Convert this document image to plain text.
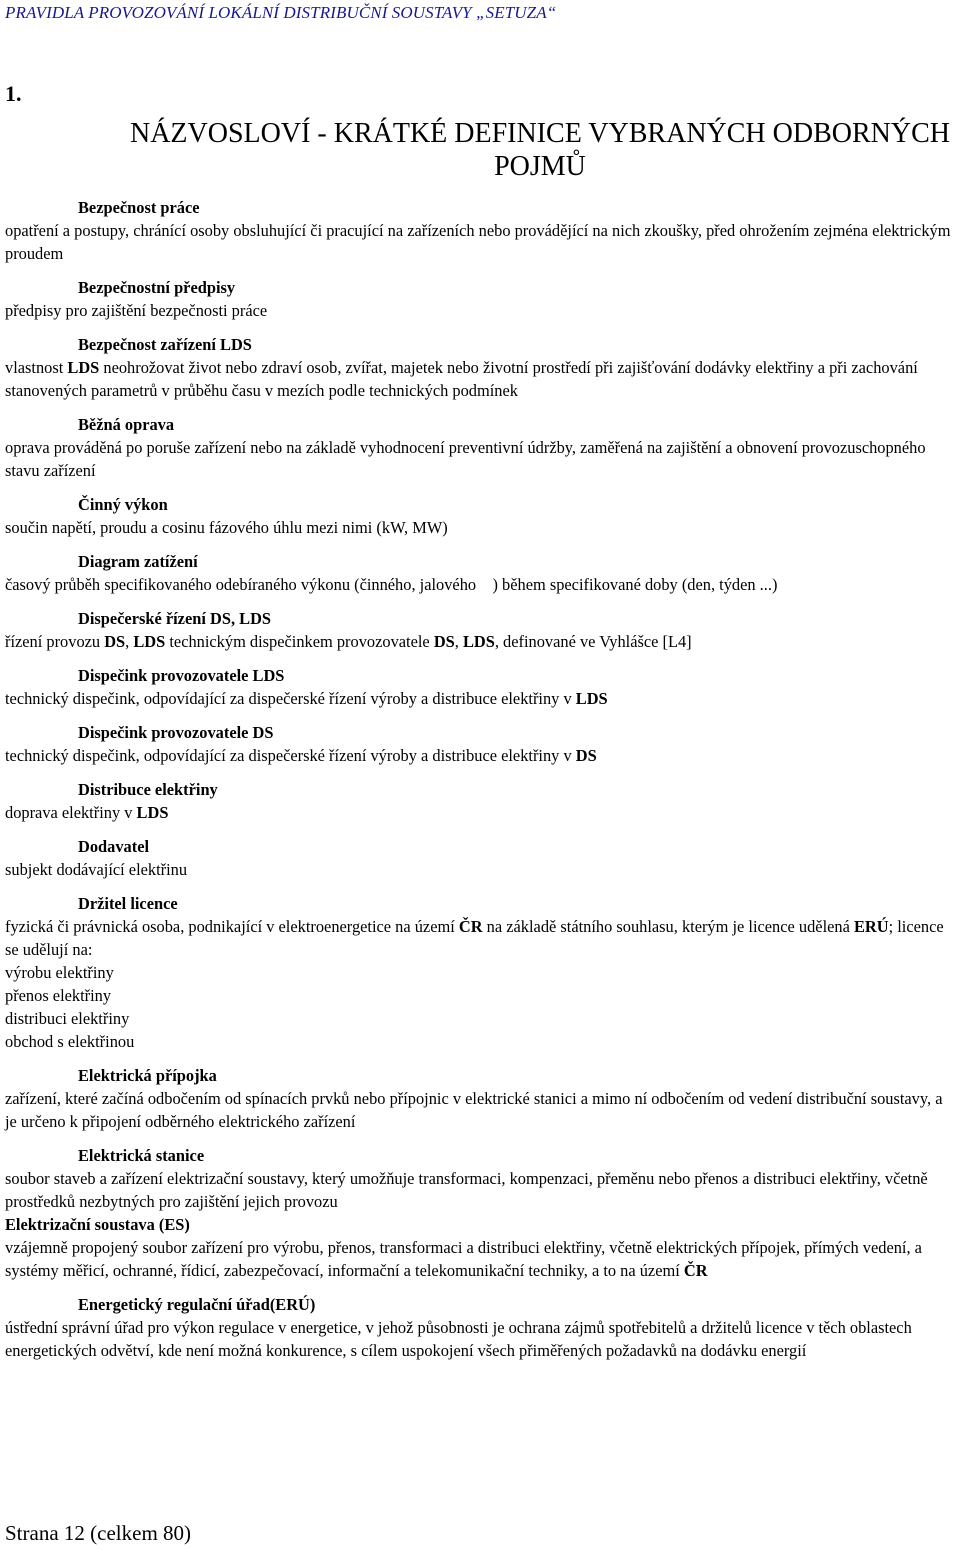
PRAVIDLA PROVOZOVÁNÍ LOKÁLNÍ DISTRIBUČNÍ SOUSTAVY „SETUZA“
1.
NÁZVOSLOVÍ - KRÁTKÉ DEFINICE VYBRANÝCH ODBORNÝCH
POJMŮ
Bezpečnost práce
opatření a postupy, chránící osoby obsluhující či pracující na zařízeních nebo provádějící na nich zkoušky, před ohrožením zejména elektrickým proudem
Bezpečnostní předpisy
předpisy pro zajištění bezpečnosti práce
Bezpečnost zařízení LDS
vlastnost LDS neohrožovat život nebo zdraví osob, zvířat, majetek nebo životní prostředí při zajišťování dodávky elektřiny a při zachování stanovených parametrů v průběhu času v mezích podle technických podmínek
Běžná oprava
oprava prováděná po poruše zařízení nebo na základě vyhodnocení preventivní údržby, zaměřená na zajištění a obnovení provozuschopného stavu zařízení
Činný výkon
součin napětí, proudu a cosinu fázového úhlu mezi nimi (kW, MW)
Diagram zatížení
časový průběh specifikovaného odebíraného výkonu (činného, jalového    ) během specifikované doby (den, týden ...)
Dispečerské řízení DS, LDS
řízení provozu DS, LDS technickým dispečinkem provozovatele DS, LDS, definované ve Vyhlášce [L4]
Dispečink provozovatele LDS
technický dispečink, odpovídající za dispečerské řízení výroby a distribuce elektřiny v LDS
Dispečink provozovatele DS
technický dispečink, odpovídající za dispečerské řízení výroby a distribuce elektřiny v DS
Distribuce elektřiny
doprava elektřiny v LDS
Dodavatel
subjekt dodávající elektřinu
Držitel licence
fyzická či právnická osoba, podnikající v elektroenergetice na území ČR na základě státního souhlasu, kterým je licence udělená ERÚ; licence se udělují na:
výrobu elektřiny
přenos elektřiny
distribuci elektřiny
obchod s elektřinou
Elektrická přípojka
zařízení, které začíná odbočením od spínacích prvků nebo přípojnic v elektrické stanici a mimo ní odbočením od vedení distribuční soustavy, a je určeno k připojení odběrného elektrického zařízení
Elektrická stanice
soubor staveb a zařízení elektrizační soustavy, který umožňuje transformaci, kompenzaci, přeměnu nebo přenos a distribuci elektřiny, včetně prostředků nezbytných pro zajištění jejich provozu
Elektrizační soustava (ES)
vzájemně propojený soubor zařízení pro výrobu, přenos, transformaci a distribuci elektřiny, včetně elektrických přípojek, přímých vedení, a systémy měřicí, ochranné, řídicí, zabezpečovací, informační a telekomunikační techniky, a to na území ČR
Energetický regulační úřad(ERÚ)
ústřední správní úřad pro výkon regulace v energetice, v jehož působnosti je ochrana zájmů spotřebitelů a držitelů licence v těch oblastech energetických odvětví, kde není možná konkurence, s cílem uspokojení všech přiměřených požadavků na dodávku energií
Strana 12 (celkem 80)
